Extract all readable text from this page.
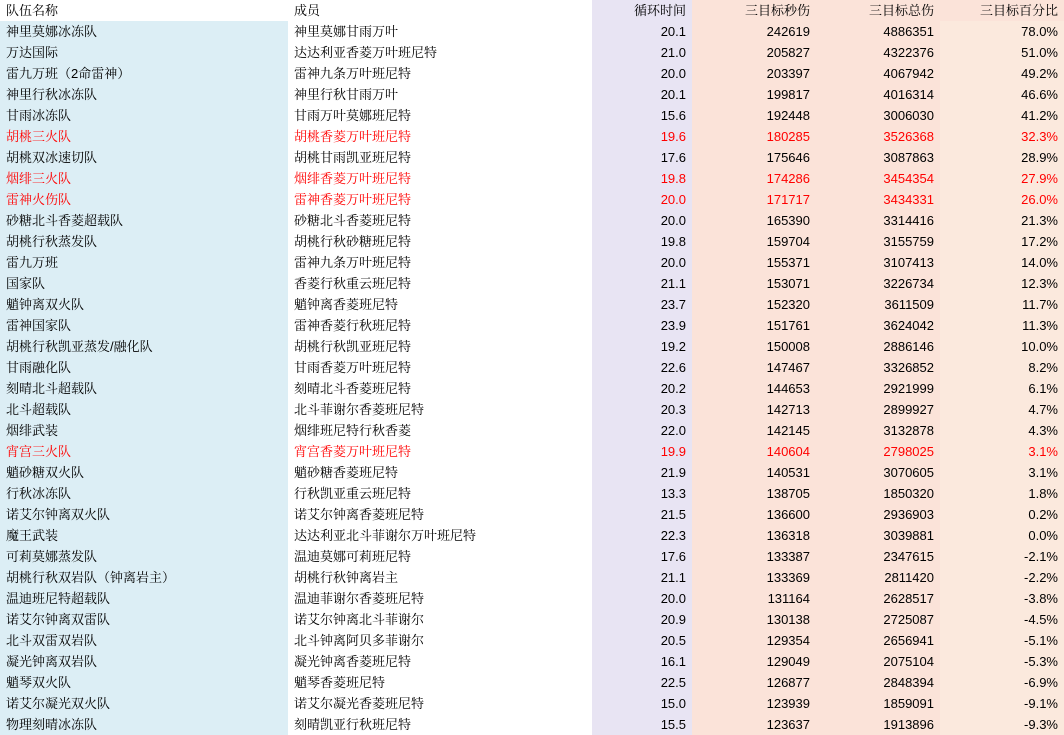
队伍名称	成员	循环时间	三目标秒伤	三目标总伤	三目标百分比
神里莫娜冰冻队	神里莫娜甘雨万叶	20.1	242619	4886351	78.0%
万达国际	达达利亚香菱万叶班尼特	21.0	205827	4322376	51.0%
雷九万班（2命雷神）	雷神九条万叶班尼特	20.0	203397	4067942	49.2%
神里行秋冰冻队	神里行秋甘雨万叶	20.1	199817	4016314	46.6%
甘雨冰冻队	甘雨万叶莫娜班尼特	15.6	192448	3006030	41.2%
胡桃三火队	胡桃香菱万叶班尼特	19.6	180285	3526368	32.3%
胡桃双冰速切队	胡桃甘雨凯亚班尼特	17.6	175646	3087863	28.9%
烟绯三火队	烟绯香菱万叶班尼特	19.8	174286	3454354	27.9%
雷神火伤队	雷神香菱万叶班尼特	20.0	171717	3434331	26.0%
砂糖北斗香菱超载队	砂糖北斗香菱班尼特	20.0	165390	3314416	21.3%
胡桃行秋蒸发队	胡桃行秋砂糖班尼特	19.8	159704	3155759	17.2%
雷九万班	雷神九条万叶班尼特	20.0	155371	3107413	14.0%
国家队	香菱行秋重云班尼特	21.1	153071	3226734	12.3%
魈钟离双火队	魈钟离香菱班尼特	23.7	152320	3611509	11.7%
雷神国家队	雷神香菱行秋班尼特	23.9	151761	3624042	11.3%
胡桃行秋凯亚蒸发/融化队	胡桃行秋凯亚班尼特	19.2	150008	2886146	10.0%
甘雨融化队	甘雨香菱万叶班尼特	22.6	147467	3326852	8.2%
刻晴北斗超载队	刻晴北斗香菱班尼特	20.2	144653	2921999	6.1%
北斗超载队	北斗菲谢尔香菱班尼特	20.3	142713	2899927	4.7%
烟绯武装	烟绯班尼特行秋香菱	22.0	142145	3132878	4.3%
宵宫三火队	宵宫香菱万叶班尼特	19.9	140604	2798025	3.1%
魈砂糖双火队	魈砂糖香菱班尼特	21.9	140531	3070605	3.1%
行秋冰冻队	行秋凯亚重云班尼特	13.3	138705	1850320	1.8%
诺艾尔钟离双火队	诺艾尔钟离香菱班尼特	21.5	136600	2936903	0.2%
魔王武装	达达利亚北斗菲谢尔万叶班尼特	22.3	136318	3039881	0.0%
可莉莫娜蒸发队	温迪莫娜可莉班尼特	17.6	133387	2347615	-2.1%
胡桃行秋双岩队（钟离岩主）	胡桃行秋钟离岩主	21.1	133369	2811420	-2.2%
温迪班尼特超载队	温迪菲谢尔香菱班尼特	20.0	131164	2628517	-3.8%
诺艾尔钟离双雷队	诺艾尔钟离北斗菲谢尔	20.9	130138	2725087	-4.5%
北斗双雷双岩队	北斗钟离阿贝多菲谢尔	20.5	129354	2656941	-5.1%
凝光钟离双岩队	凝光钟离香菱班尼特	16.1	129049	2075104	-5.3%
魈琴双火队	魈琴香菱班尼特	22.5	126877	2848394	-6.9%
诺艾尔凝光双火队	诺艾尔凝光香菱班尼特	15.0	123939	1859091	-9.1%
物理刻晴冰冻队	刻晴凯亚行秋班尼特	15.5	123637	1913896	-9.3%
